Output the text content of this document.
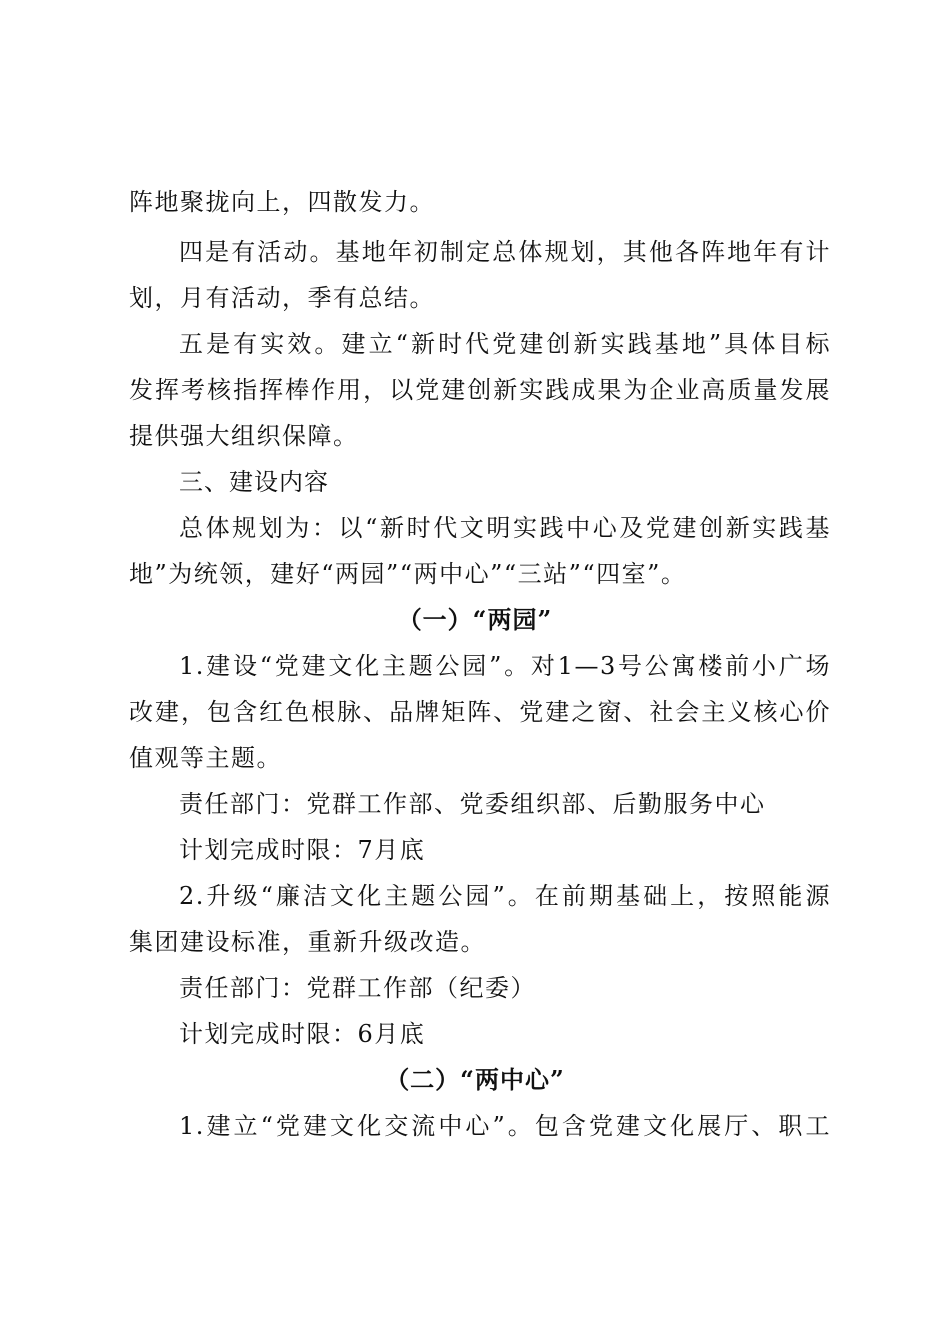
阵地聚拢向上，四散发力。
四是有活动。基地年初制定总体规划，其他各阵地年有计
划，月有活动，季有总结。
五是有实效。建立“新时代党建创新实践基地”具体目标
发挥考核指挥棒作用，以党建创新实践成果为企业高质量发展
提供强大组织保障。
三、建设内容
总体规划为：以“新时代文明实践中心及党建创新实践基
地”为统领，建好“两园”“两中心”“三站”“四室”。
（一）“两园”
1.建设“党建文化主题公园”。对1—3号公寓楼前小广场
改建，包含红色根脉、品牌矩阵、党建之窗、社会主义核心价
值观等主题。
责任部门：党群工作部、党委组织部、后勤服务中心
计划完成时限：7月底
2.升级“廉洁文化主题公园”。在前期基础上，按照能源
集团建设标准，重新升级改造。
责任部门：党群工作部（纪委）
计划完成时限：6月底
（二）“两中心”
1.建立“党建文化交流中心”。包含党建文化展厅、职工
